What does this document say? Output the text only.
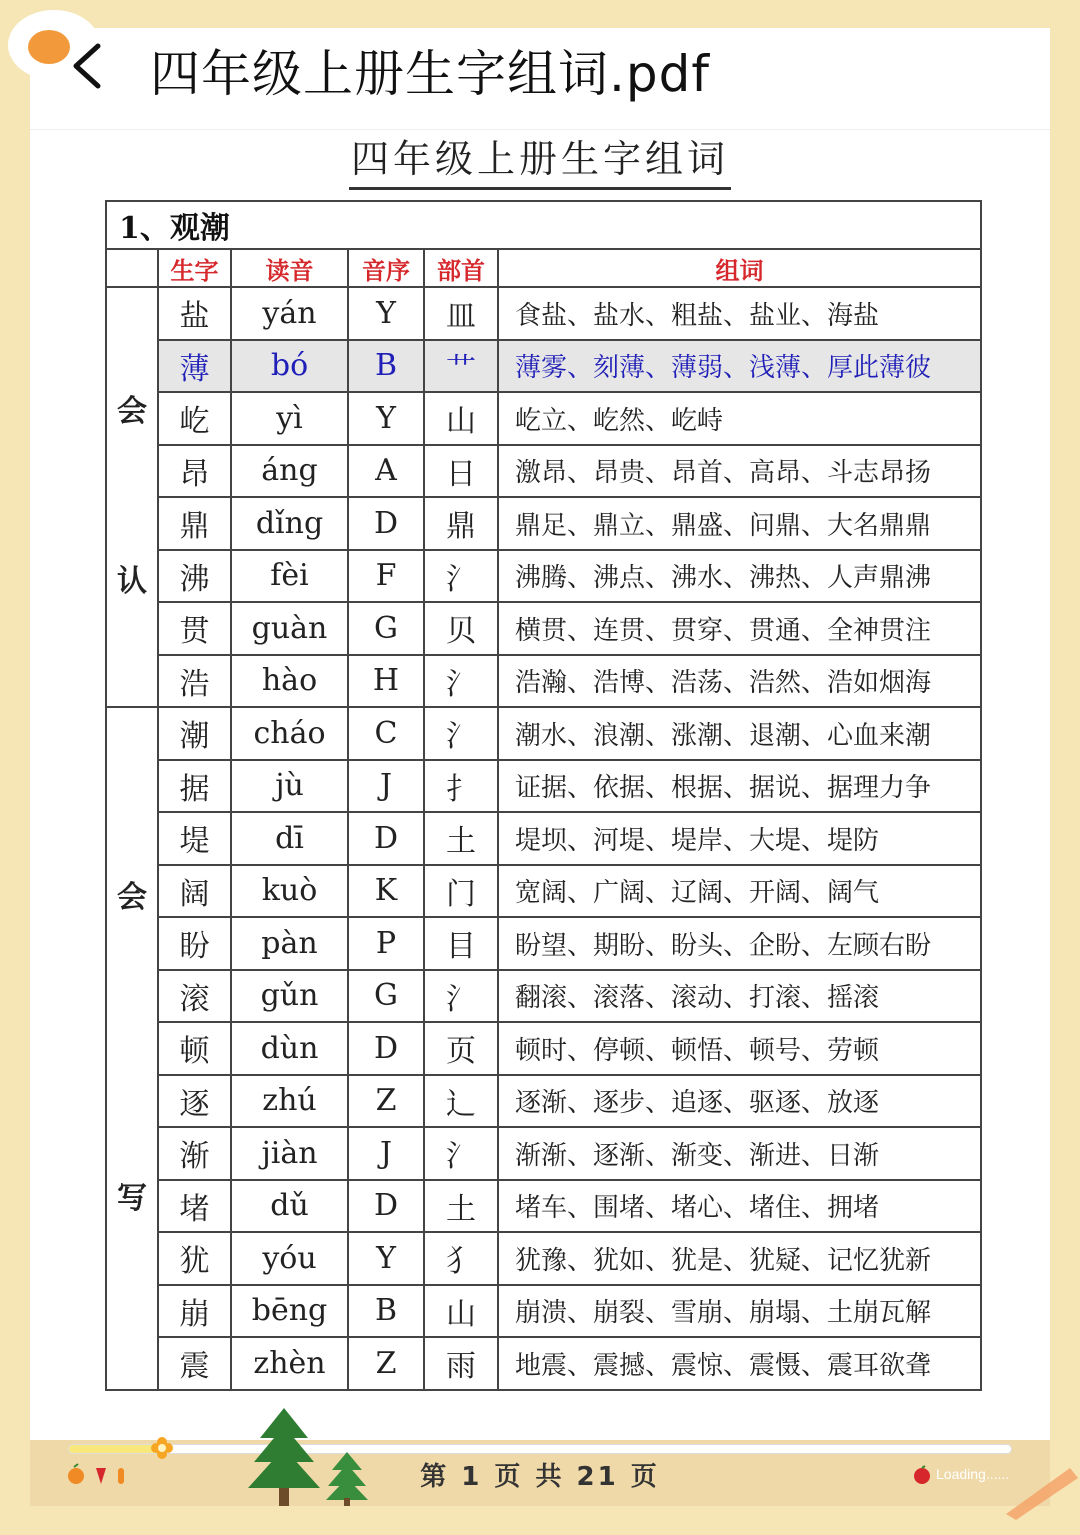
四年级上册生字组词.pdf
四年级上册生字组词
1、观潮					
	生字	读音	音序	部首	组词

会
认	盐	yán	Y	皿	食盐、盐水、粗盐、盐业、海盐
	薄	bó	B	艹	薄雾、刻薄、薄弱、浅薄、厚此薄彼
	屹	yì	Y	山	屹立、屹然、屹峙
	昂	áng	A	日	激昂、昂贵、昂首、高昂、斗志昂扬
	鼎	dǐng	D	鼎	鼎足、鼎立、鼎盛、问鼎、大名鼎鼎
	沸	fèi	F	氵	沸腾、沸点、沸水、沸热、人声鼎沸
	贯	guàn	G	贝	横贯、连贯、贯穿、贯通、全神贯注
	浩	hào	H	氵	浩瀚、浩博、浩荡、浩然、浩如烟海

会
写	潮	cháo	C	氵	潮水、浪潮、涨潮、退潮、心血来潮
	据	jù	J	扌	证据、依据、根据、据说、据理力争
	堤	dī	D	土	堤坝、河堤、堤岸、大堤、堤防
	阔	kuò	K	门	宽阔、广阔、辽阔、开阔、阔气
	盼	pàn	P	目	盼望、期盼、盼头、企盼、左顾右盼
	滚	gǔn	G	氵	翻滚、滚落、滚动、打滚、摇滚
	顿	dùn	D	页	顿时、停顿、顿悟、顿号、劳顿
	逐	zhú	Z	辶	逐渐、逐步、追逐、驱逐、放逐
	渐	jiàn	J	氵	渐渐、逐渐、渐变、渐进、日渐
	堵	dǔ	D	土	堵车、围堵、堵心、堵住、拥堵
	犹	yóu	Y	犭	犹豫、犹如、犹是、犹疑、记忆犹新
	崩	bēng	B	山	崩溃、崩裂、雪崩、崩塌、土崩瓦解
	震	zhèn	Z	雨	地震、震撼、震惊、震慑、震耳欲聋
第 1 页 共 21 页	Loading......
